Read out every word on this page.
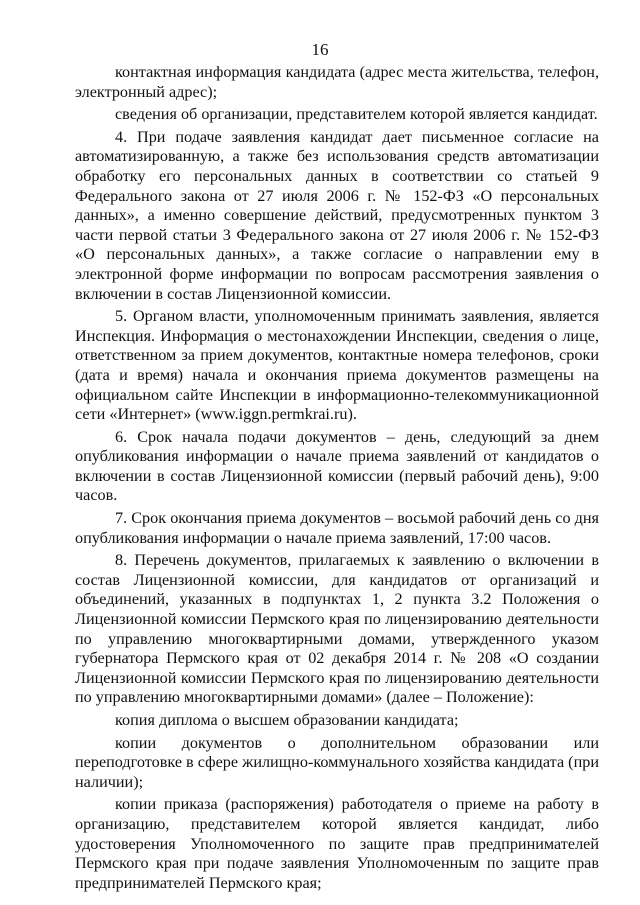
16

контактная информация кандидата (адрес места жительства, телефон, электронный адрес);

сведения об организации, представителем которой является кандидат.

4. При подаче заявления кандидат дает письменное согласие на автоматизированную, а также без использования средств автоматизации обработку его персональных данных в соответствии со статьей 9 Федерального закона от 27 июля 2006 г. № 152-ФЗ «О персональных данных», а именно совершение действий, предусмотренных пунктом 3 части первой статьи 3 Федерального закона от 27 июля 2006 г. № 152-ФЗ «О персональных данных», а также согласие о направлении ему в электронной форме информации по вопросам рассмотрения заявления о включении в состав Лицензионной комиссии.

5. Органом власти, уполномоченным принимать заявления, является Инспекция. Информация о местонахождении Инспекции, сведения о лице, ответственном за прием документов, контактные номера телефонов, сроки (дата и время) начала и окончания приема документов размещены на официальном сайте Инспекции в информационно-телекоммуникационной сети «Интернет» (www.iggn.permkrai.ru).

6. Срок начала подачи документов – день, следующий за днем опубликования информации о начале приема заявлений от кандидатов о включении в состав Лицензионной комиссии (первый рабочий день), 9:00 часов.

7. Срок окончания приема документов – восьмой рабочий день со дня опубликования информации о начале приема заявлений, 17:00 часов.

8. Перечень документов, прилагаемых к заявлению о включении в состав Лицензионной комиссии, для кандидатов от организаций и объединений, указанных в подпунктах 1, 2 пункта 3.2 Положения о Лицензионной комиссии Пермского края по лицензированию деятельности по управлению многоквартирными домами, утвержденного указом губернатора Пермского края от 02 декабря 2014 г. № 208 «О создании Лицензионной комиссии Пермского края по лицензированию деятельности по управлению многоквартирными домами» (далее – Положение):

копия диплома о высшем образовании кандидата;

копии документов о дополнительном образовании или переподготовке в сфере жилищно-коммунального хозяйства кандидата (при наличии);

копии приказа (распоряжения) работодателя о приеме на работу в организацию, представителем которой является кандидат, либо удостоверения Уполномоченного по защите прав предпринимателей Пермского края при подаче заявления Уполномоченным по защите прав предпринимателей Пермского края;
